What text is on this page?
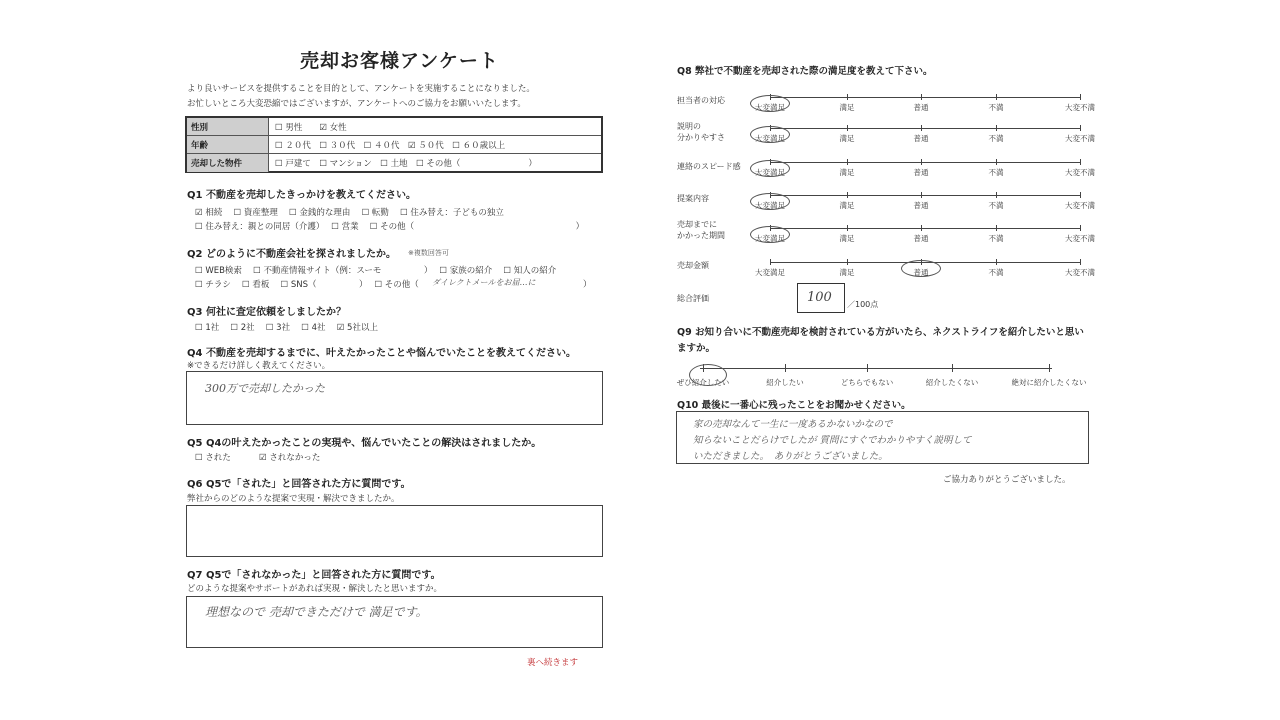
売却お客様アンケート
より良いサービスを提供することを目的として、アンケートを実施することになりました。
お忙しいところ大変恐縮ではございますが、アンケートへのご協力をお願いいたします。
性別	☐ 男性　　☑ 女性
年齢	☐ ２０代　☐ ３０代　☐ ４０代　☑ ５０代　☐ ６０歳以上
売却した物件	☐ 戸建て　☐ マンション　☐ 土地　☐ その他（　　　　　　　　）
Q1 不動産を売却したきっかけを教えてください。
☑ 相続　 ☐ 資産整理　 ☐ 金銭的な理由　 ☐ 転勤　 ☐ 住み替え：子どもの独立
☐ 住み替え：親との同居（介護）　 ☐ 営業　 ☐ その他（　　　　　　　　　　　　　　　　　　　）
Q2 どのように不動産会社を探されましたか。 ※複数回答可
☐ WEB検索　 ☐ 不動産情報サイト（例：スーモ　　　　　）　 ☐ 家族の紹介　 ☐ 知人の紹介
☐ チラシ　 ☐ 看板　 ☐ SNS（　　　　　）　 ☐ その他（ ダイレクトメールをお届…に	）
Q3 何社に査定依頼をしましたか？
☐ 1社　 ☐ 2社　 ☐ 3社　 ☐ 4社　 ☑ 5社以上
Q4 不動産を売却するまでに、叶えたかったことや悩んでいたことを教えてください。
※できるだけ詳しく教えてください。
300万で売却したかった
Q5 Q4の叶えたかったことの実現や、悩んでいたことの解決はされましたか。
☐ された　　　 ☑ されなかった
Q6 Q5で「された」と回答された方に質問です。
弊社からのどのような提案で実現・解決できましたか。
Q7 Q5で「されなかった」と回答された方に質問です。
どのような提案やサポートがあれば実現・解決したと思いますか。
理想なので 売却できただけで 満足です。
裏へ続きます
Q8 弊社で不動産を売却された際の満足度を教えて下さい。
担当者の対応
大変満足	満足	普通	不満	大変不満
説明の
分かりやすさ	大変満足	満足	普通	不満	大変不満
連絡のスピード感
大変満足	満足	普通	不満	大変不満
提案内容
大変満足	満足	普通	不満	大変不満
売却までに
かかった期間	大変満足	満足	普通	不満	大変不満
売却金額
大変満足	満足	普通	不満	大変不満
総合評価	100 ／100点
Q9 お知り合いに不動産売却を検討されている方がいたら、ネクストライフを紹介したいと思い
ますか。
ぜひ紹介したい	紹介したい	どちらでもない	紹介したくない	絶対に紹介したくない
Q10 最後に一番心に残ったことをお聞かせください。
家の売却なんて一生に一度あるかないかなので
知らないことだらけでしたが 質問にすぐでわかりやすく説明して
いただきました。　ありがとうございました。
ご協力ありがとうございました。
